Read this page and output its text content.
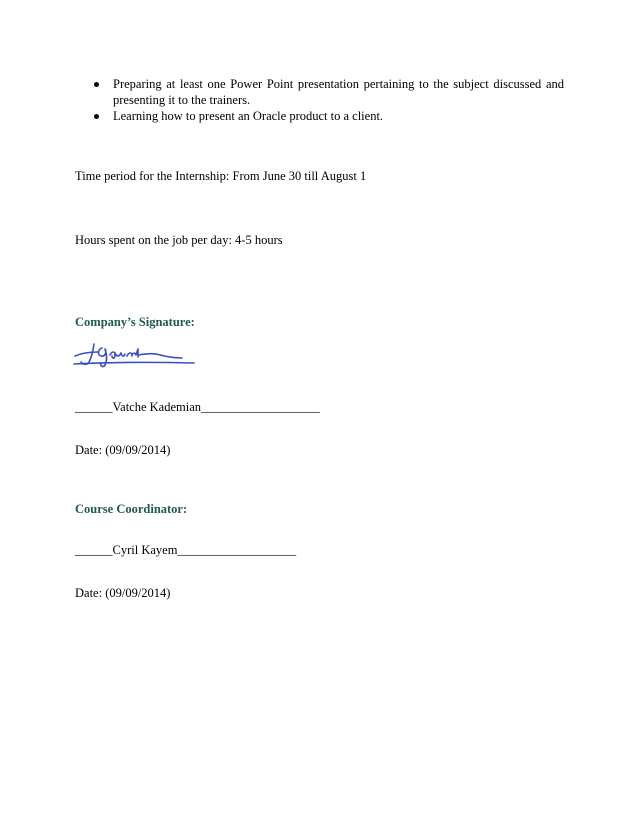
Preparing at least one Power Point presentation pertaining to the subject discussed and presenting it to the trainers.
Learning how to present an Oracle product to a client.
Time period for the Internship: From June 30 till August 1
Hours spent on the job per day: 4-5 hours
Company’s Signature:
______Vatche Kademian___________________
Date: (09/09/2014)
Course Coordinator:
______Cyril Kayem___________________
Date: (09/09/2014)
